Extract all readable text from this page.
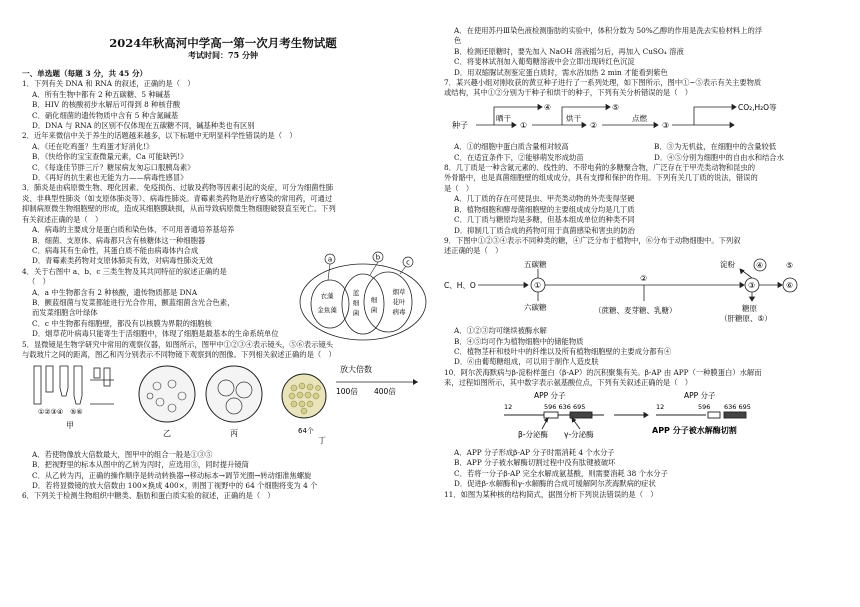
2024年秋高河中学高一第一次月考生物试题
考试时间：75 分钟
一、单选题（每题 3 分，共 45 分）

1．下列有关 DNA 和 RNA 的叙述，正确的是（　）

A．所有生物中都有 2 种五碳糖、5 种碱基

B．HIV 的核酸初步水解后可得到 8 种核苷酸

C．硝化细菌的遗传物质中含有 5 种含氮碱基

D．DNA 与 RNA 的区别不仅体现在五碳糖不同，碱基种类也有区别

2．近年来微信中关于养生的话题越来越多，以下标题中无明显科学性错误的是（　）

A．《还在吃鸡蛋？生鸡蛋才好消化!》

B．《快给你的宝宝查微量元素，Ca 可能缺钙!》

C．《每逢佳节胖三斤？糖尿病友匆忘口服胰岛素》

D．《再好的抗生素也无能为力——病毒性感冒》

3．肺炎是由病原微生物、理化因素、免疫损伤、过敏及药物等因素引起的炎症，可分为细菌性肺

炎、非典型性肺炎（如支原体肺炎等）、病毒性肺炎。青霉素类药物是治疗感染的常用药，可通过

抑制病原微生物细胞壁的形成，造成其细胞膜缺损，从而导致病原微生物细胞破裂直至死亡。下列

有关叙述正确的是（　）

A．病毒的主要成分是蛋白质和染色体，不可用普通培养基培养

B．细菌、支原体、病毒都只含有核糖体这一种细胞器

C．病毒其有生命性，其蛋白质不能由病毒体内合成

D．青霉素类药物对支原体肺炎有效，对病毒性肺炎无效

4．关于右图中 a、b、c 三类生物及其共同特征的叙述正确的是

（　）

A．a 中生物都含有 2 种核酸，遗传物质都是 DNA

B．颤蓝细菌与发菜都能进行光合作用，颤蓝细菌含光合色素，

而发菜细胞含叶绿体

C．c 中生物都有细胞壁，都没有以核膜为界限的细胞核

D．烟草花叶病毒只能寄生于活细胞中，体现了细胞是最基本的生命系统单位

a	b
c
衣藻
金鱼藻
蓝
细
菌
细
菌
烟草
花叶
病毒

5．显微镜是生物学研究中常用的观察仪器，如图所示，图甲中①②③④表示镜头，⑤⑥表示镜头

与载玻片之间的距离，图乙和丙分别表示不同物镜下观察到的图像。下列相关叙述正确的是（　）

①②③④　⑤⑥
甲
乙	丙	64个
丁
放大倍数
100倍 400倍

A．若使物像放大倍数最大，图甲中的组合一般是①③⑤

B．把视野里的标本从图中的乙转为丙时，应选用③，同时提升镜筒

C．从乙转为丙，正确的操作顺序是转动转换器→移动标本→调节光圈→转动细准焦螺旋

D．若将显微镜的放大倍数由 100×换成 400×，则图丁视野中的 64 个细胞将变为 4 个

6．下列关于检测生物组织中糖类、脂肪和蛋白质实验的叙述，正确的是（　）

A．在使用苏丹Ⅲ染色液检测脂肪的实验中，体积分数为 50%乙醇的作用是洗去实验材料上的浮

色

B．检测还原糖时，要先加入 NaOH 溶液摇匀后，再加入 CuSO₄ 溶液

C．将斐林试剂加入葡萄糖溶液中会立即出现砖红色沉淀

D．用双缩脲试剂鉴定蛋白质时，需水浴加热 2 min 才能看到紫色

7．某兴趣小组对刚收获的黄豆种子进行了一系列处理，如下图所示，图中①~⑤表示有关主要物质

或结构，其中①②分别为干种子和烘干的种子，下列有关分析错误的是（　）

种子
晒干
①
④
烘干
②
⑤
点燃
③
CO₂,H₂O等

A．①的细胞中蛋白质含量相对较高	B．③为无机盐，在细胞中的含量较低

C．在适宜条件下，②能够萌发形成幼苗	D．④⑤分别为细胞中的自由水和结合水

8．几丁质是一种含氮元素的、线性的、不带电荷的多糖聚合物，广泛存在于甲壳类动物和昆虫的

外骨骼中，也是真菌细胞壁的组成成分，具有支撑和保护的作用。下列有关几丁质的说法，错误的

是（　）

A．几丁质的存在可使昆虫、甲壳类动物的外壳变得坚硬

B．植物细胞和酵母菌细胞壁的主要组成成分均是几丁质

C．几丁质与糖原均是多糖，但基本组成单位的种类不同

D．抑制几丁质合成的药物可用于真菌感染和害虫的防治

9．下图中①②③④表示不同种类的糖，④广泛分布于植物中，⑥分布于动物细胞中。下列叙

述正确的是（　）

C、H、O
五碳糖
六碳糖
①
②
③
④	⑤
⑥
淀粉
（蔗糖、麦芽糖、乳糖）	糖原
（肝糖原、⑤）

A．①②③均可继续被酶水解

B．④⑤均可作为植物细胞中的储能物质

C．植物茎秆和枝叶中的纤维以及所有植物细胞壁的主要成分都有④

D．⑥由葡萄糖组成，可以用于制作人造皮肤

10．阿尔茨海默病与β-淀粉样蛋白（β-AP）的沉积聚集有关。β-AP 由 APP（一种膜蛋白）水解而

来，过程如图所示，其中数字表示氨基酸位点，下列有关叙述正确的是（　）

APP 分子	APP 分子
12	596 636 695	12	596 636 695
β-分泌酶 γ-分泌酶	APP 分子被水解酶切割

A．APP 分子形成β-AP 分子时需消耗 4 个水分子

B．APP 分子被水解酶切割过程中没有肽键被破坏

C．若将一分子β-AP 完全水解成氨基酸，则需要消耗 38 个水分子

D．促进β-水解酶和γ-水解酶的合成可缓解阿尔茨海默病的症状

11．如图为某种核的结构简式，据图分析下列说法错误的是（　）
